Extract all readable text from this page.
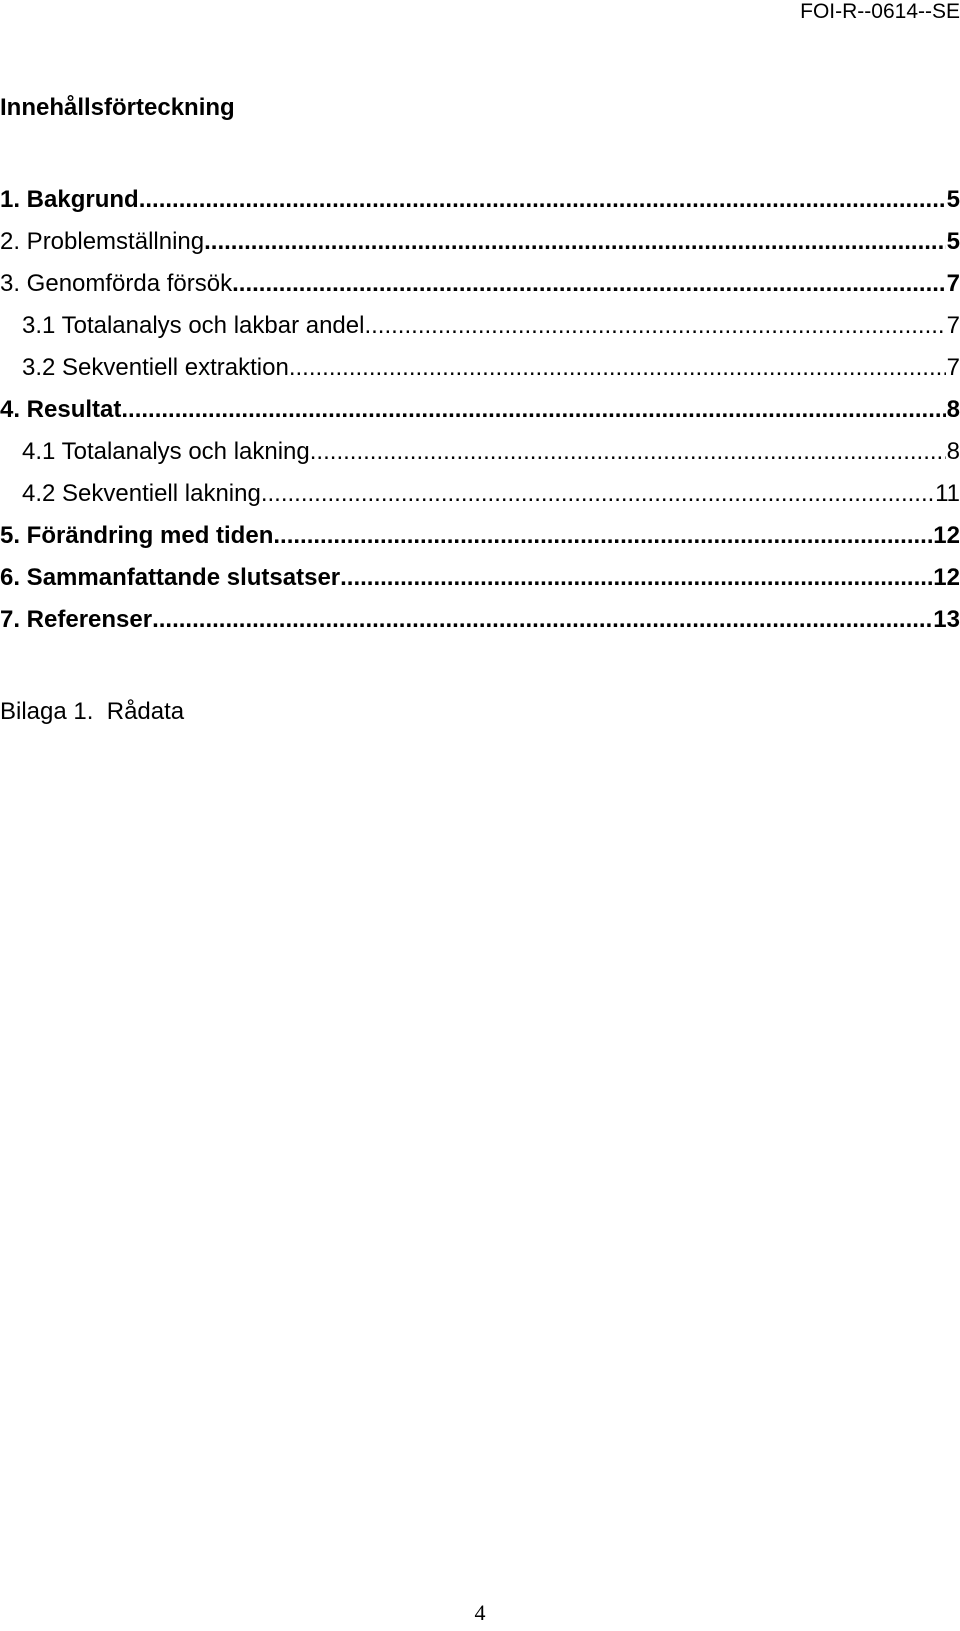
FOI-R--0614--SE
Innehållsförteckning
1. Bakgrund .....	5
2. Problemställning .....	5
3. Genomförda försök .....	7
3.1 Totalanalys och lakbar andel .....	7
3.2 Sekventiell extraktion .....	7
4. Resultat .....	8
4.1 Totalanalys och lakning .....	8
4.2 Sekventiell lakning. .....	11
5. Förändring med tiden .....	12
6. Sammanfattande slutsatser .....	12
7. Referenser .....	13
Bilaga 1.  Rådata
4
